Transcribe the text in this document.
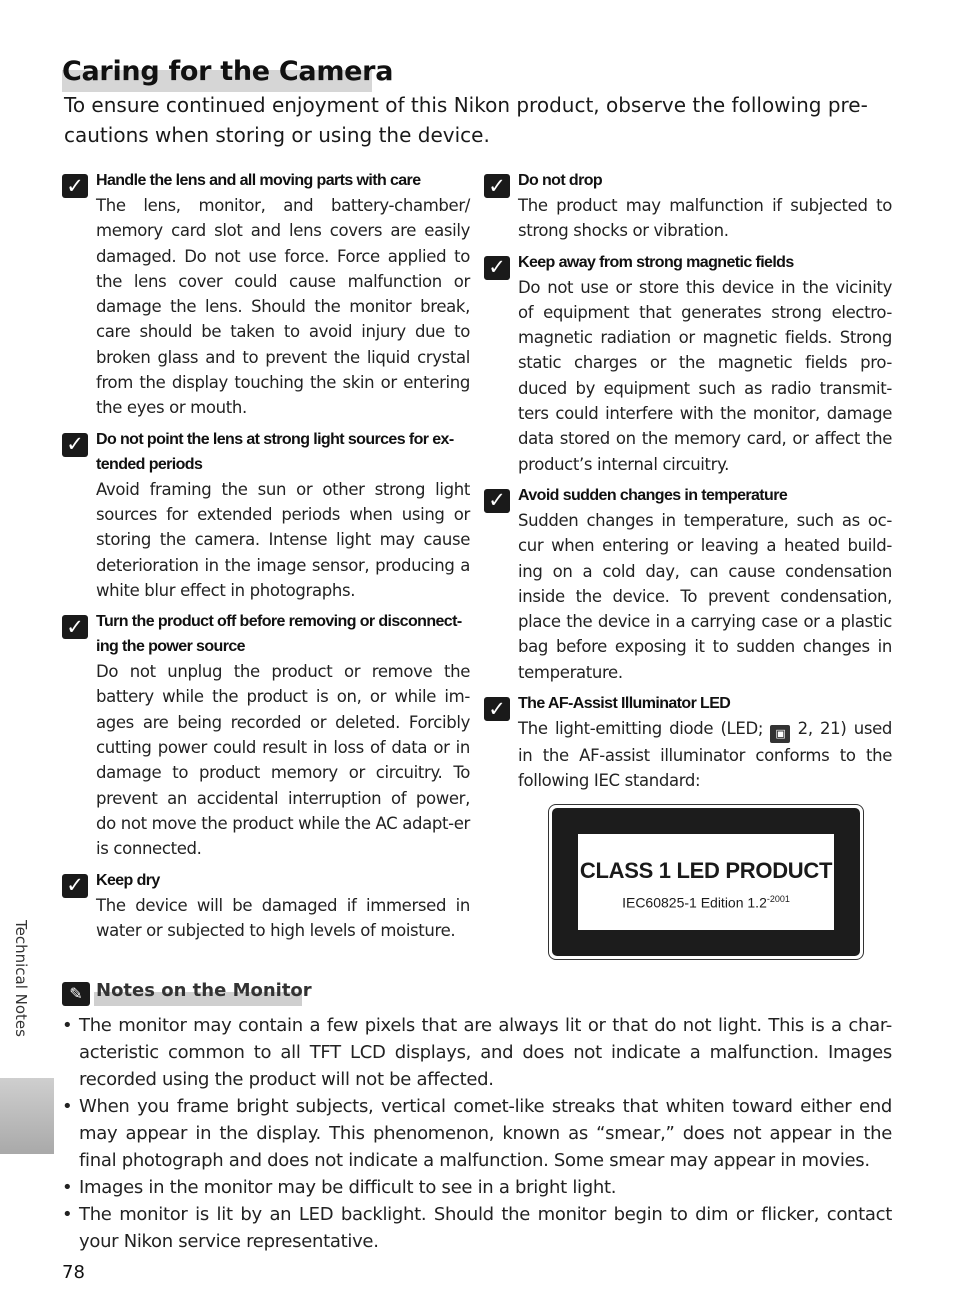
Caring for the Camera

To ensure continued enjoyment of this Nikon product, observe the following pre-cautions when storing or using the device.

✓ Handle the lens and all moving parts with care

The lens, monitor, and battery-chamber/ memory card slot and lens covers are easily damaged. Do not use force. Force applied to the lens cover could cause malfunction or damage the lens. Should the monitor break, care should be taken to avoid injury due to broken glass and to prevent the liquid crystal from the display touching the skin or entering the eyes or mouth.

✓ Do not point the lens at strong light sources for ex-tended periods

Avoid framing the sun or other strong light sources for extended periods when using or storing the camera. Intense light may cause deterioration in the image sensor, producing a white blur effect in photographs.

✓ Turn the product off before removing or disconnect-ing the power source

Do not unplug the product or remove the battery while the product is on, or while im-ages are being recorded or deleted. Forcibly cutting power could result in loss of data or in damage to product memory or circuitry. To prevent an accidental interruption of power, do not move the product while the AC adapt-er is connected.

✓ Keep dry

The device will be damaged if immersed in water or subjected to high levels of moisture.

✓ Do not drop

The product may malfunction if subjected to strong shocks or vibration.

✓ Keep away from strong magnetic fields

Do not use or store this device in the vicinity of equipment that generates strong electro-magnetic radiation or magnetic fields. Strong static charges or the magnetic fields pro-duced by equipment such as radio transmit-ters could interfere with the monitor, damage data stored on the memory card, or affect the product’s internal circuitry.

✓ Avoid sudden changes in temperature

Sudden changes in temperature, such as oc-cur when entering or leaving a heated build-ing on a cold day, can cause condensation inside the device. To prevent condensation, place the device in a carrying case or a plastic bag before exposing it to sudden changes in temperature.

✓ The AF-Assist Illuminator LED

The light-emitting diode (LED; ▣ 2, 21) used in the AF-assist illuminator conforms to the following IEC standard:

CLASS 1 LED PRODUCT
IEC60825-1 Edition $1.2^{-2001}$
✎ Notes on the Monitor
• The monitor may contain a few pixels that are always lit or that do not light. This is a char-acteristic common to all TFT LCD displays, and does not indicate a malfunction. Images recorded using the product will not be affected.
• When you frame bright subjects, vertical comet-like streaks that whiten toward either end may appear in the display. This phenomenon, known as “smear,” does not appear in the final photograph and does not indicate a malfunction. Some smear may appear in movies.
• Images in the monitor may be difficult to see in a bright light.
• The monitor is lit by an LED backlight. Should the monitor begin to dim or flicker, contact your Nikon service representative.
Technical Notes

78
